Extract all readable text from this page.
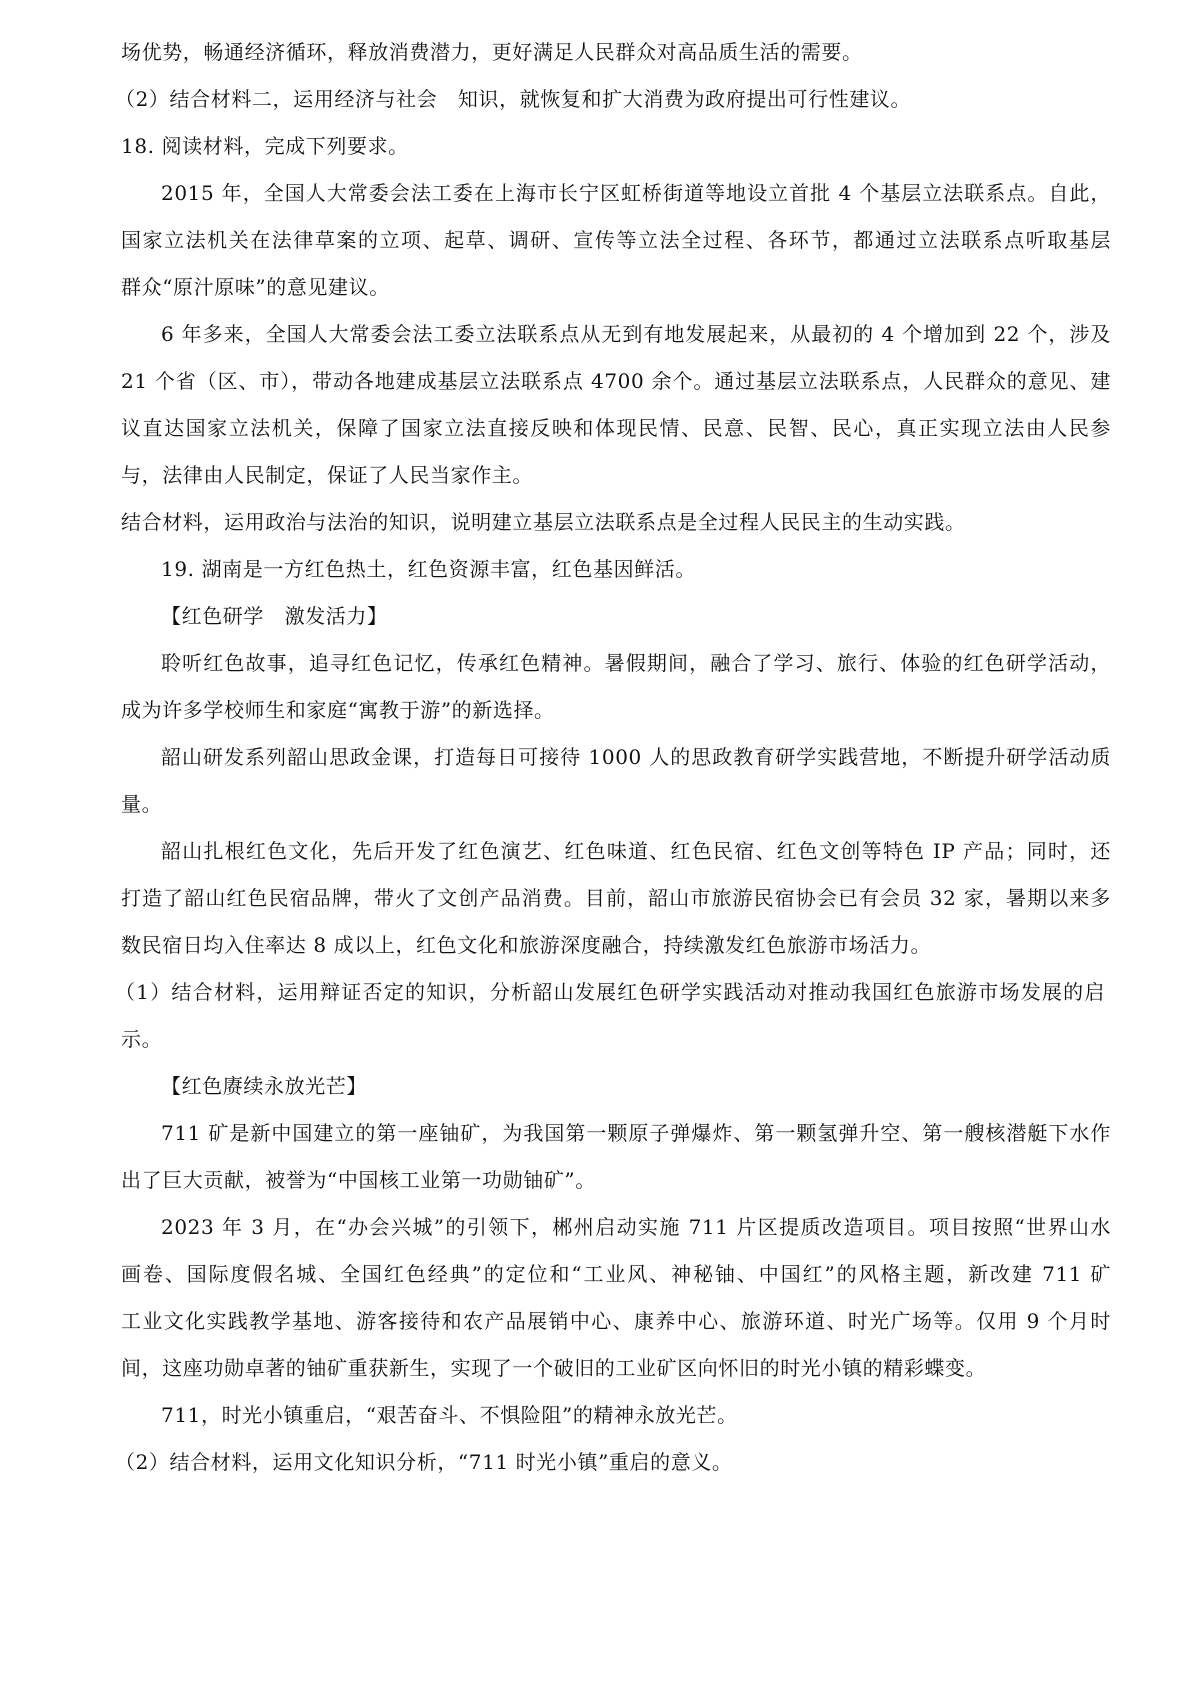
场优势，畅通经济循环，释放消费潜力，更好满足人民群众对高品质生活的需要。
（2）结合材料二，运用经济与社会　知识，就恢复和扩大消费为政府提出可行性建议。
18. 阅读材料，完成下列要求。
2015 年，全国人大常委会法工委在上海市长宁区虹桥街道等地设立首批 4 个基层立法联系点。自此，
国家立法机关在法律草案的立项、起草、调研、宣传等立法全过程、各环节，都通过立法联系点听取基层
群众“原汁原味”的意见建议。
6 年多来，全国人大常委会法工委立法联系点从无到有地发展起来，从最初的 4 个增加到 22 个，涉及
21 个省（区、市），带动各地建成基层立法联系点 4700 余个。通过基层立法联系点，人民群众的意见、建
议直达国家立法机关，保障了国家立法直接反映和体现民情、民意、民智、民心，真正实现立法由人民参
与，法律由人民制定，保证了人民当家作主。
结合材料，运用政治与法治的知识，说明建立基层立法联系点是全过程人民民主的生动实践。
19. 湖南是一方红色热土，红色资源丰富，红色基因鲜活。
【红色研学　激发活力】
聆听红色故事，追寻红色记忆，传承红色精神。暑假期间，融合了学习、旅行、体验的红色研学活动，
成为许多学校师生和家庭“寓教于游”的新选择。
韶山研发系列韶山思政金课，打造每日可接待 1000 人的思政教育研学实践营地，不断提升研学活动质
量。
韶山扎根红色文化，先后开发了红色演艺、红色味道、红色民宿、红色文创等特色 IP 产品；同时，还
打造了韶山红色民宿品牌，带火了文创产品消费。目前，韶山市旅游民宿协会已有会员 32 家，暑期以来多
数民宿日均入住率达 8 成以上，红色文化和旅游深度融合，持续激发红色旅游市场活力。
（1）结合材料，运用辩证否定的知识，分析韶山发展红色研学实践活动对推动我国红色旅游市场发展的启
示。
【红色赓续永放光芒】
711 矿是新中国建立的第一座铀矿，为我国第一颗原子弹爆炸、第一颗氢弹升空、第一艘核潜艇下水作
出了巨大贡献，被誉为“中国核工业第一功勋铀矿”。
2023 年 3 月，在“办会兴城”的引领下，郴州启动实施 711 片区提质改造项目。项目按照“世界山水
画卷、国际度假名城、全国红色经典”的定位和“工业风、神秘铀、中国红”的风格主题，新改建 711 矿
工业文化实践教学基地、游客接待和农产品展销中心、康养中心、旅游环道、时光广场等。仅用 9 个月时
间，这座功勋卓著的铀矿重获新生，实现了一个破旧的工业矿区向怀旧的时光小镇的精彩蝶变。
711，时光小镇重启，“艰苦奋斗、不惧险阻”的精神永放光芒。
（2）结合材料，运用文化知识分析，“711 时光小镇”重启的意义。
